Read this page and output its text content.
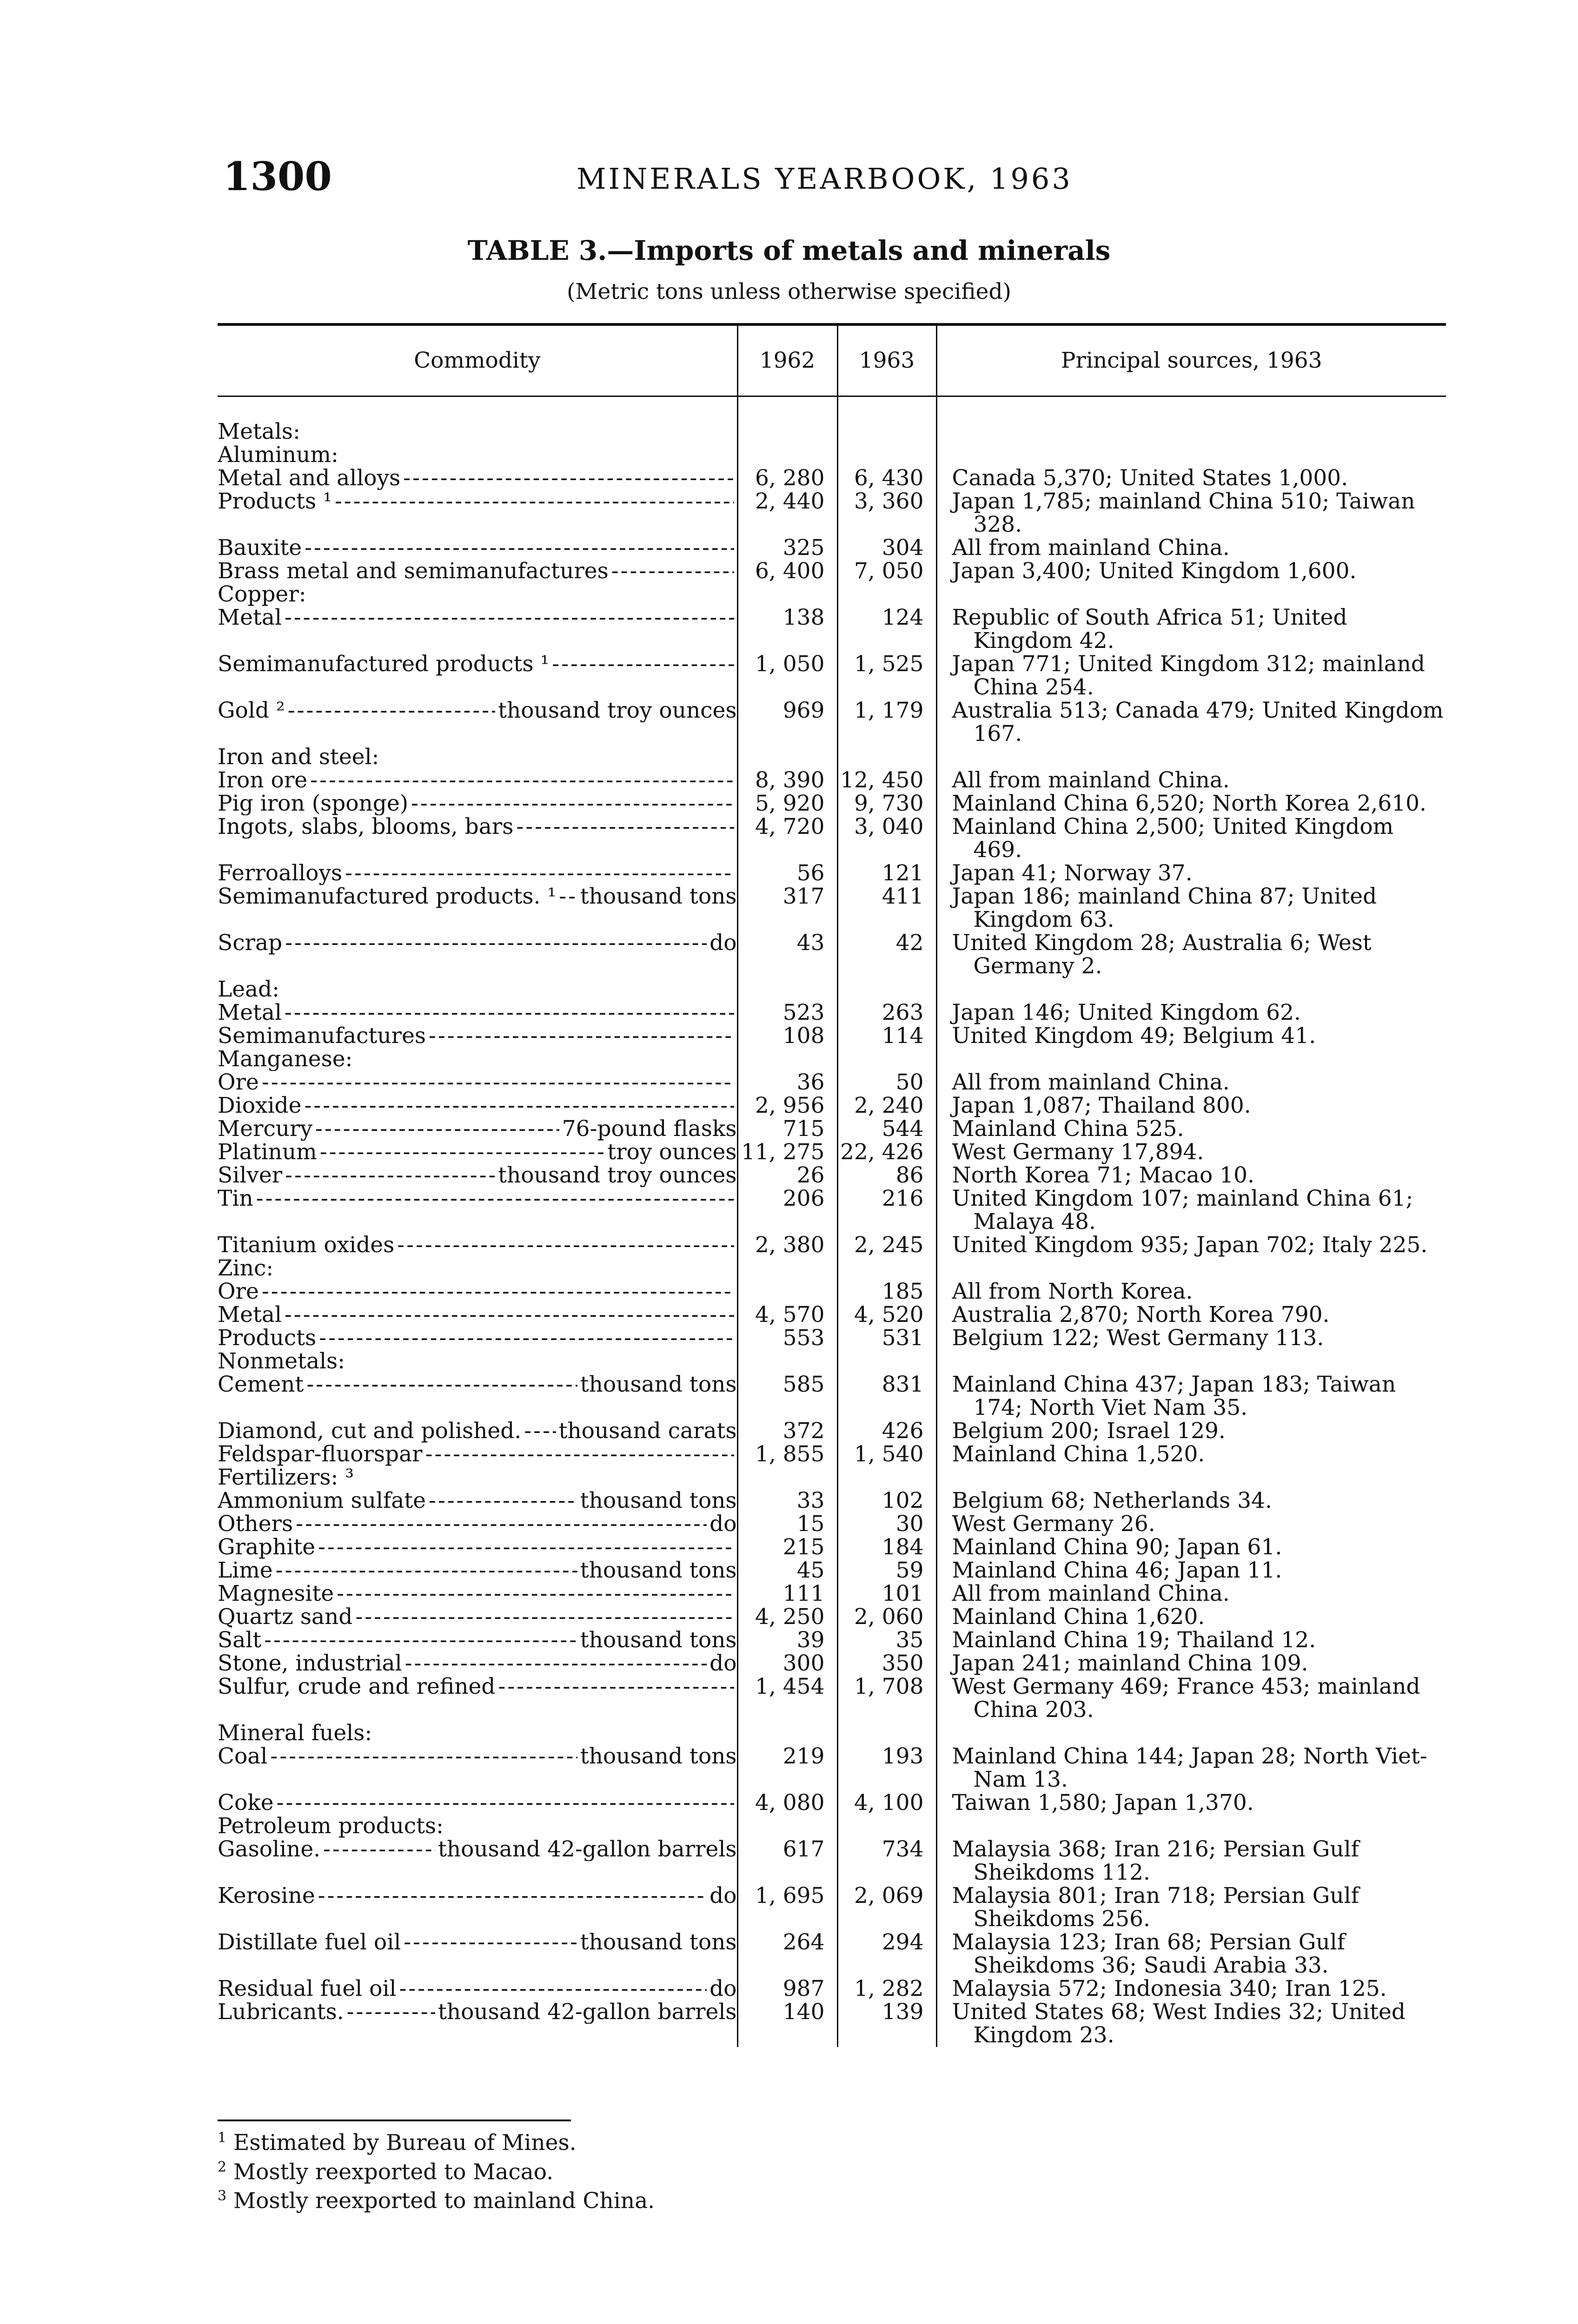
1300	MINERALS YEARBOOK, 1963
TABLE 3.—Imports of metals and minerals
(Metric tons unless otherwise specified)
Commodity	1962	1963	Principal sources, 1963

Metals:			

Aluminum:			

Metal and alloys
-----	6, 280	6, 430	Canada 5,370; United States 1,000.

Products ¹
-----	2, 440	3, 360	Japan 1,785; mainland China 510; Taiwan 328.

Bauxite
-----	325	304	All from mainland China.

Brass metal and semimanufactures
-----	6, 400	7, 050	Japan 3,400; United Kingdom 1,600.

Copper:			

Metal
-----	138	124	Republic of South Africa 51; United Kingdom 42.

Semimanufactured products ¹
-----	1, 050	1, 525	Japan 771; United Kingdom 312; mainland China 254.

Gold ² ----- thousand troy ounces	969	1, 179	Australia 513; Canada 479; United Kingdom 167.

Iron and steel:			

Iron ore
-----	8, 390	12, 450	All from mainland China.

Pig iron (sponge)
-----	5, 920	9, 730	Mainland China 6,520; North Korea 2,610.

Ingots, slabs, blooms, bars
-----	4, 720	3, 040	Mainland China 2,500; United Kingdom 469.

Ferroalloys
-----	56	121	Japan 41; Norway 37.

Semimanufactured products. ¹ ----- thousand tons	317	411	Japan 186; mainland China 87; United Kingdom 63.

Scrap ----- do	43	42	United Kingdom 28; Australia 6; West Germany 2.

Lead:			

Metal
-----	523	263	Japan 146; United Kingdom 62.

Semimanufactures
-----	108	114	United Kingdom 49; Belgium 41.

Manganese:			

Ore
-----	36	50	All from mainland China.

Dioxide
-----	2, 956	2, 240	Japan 1,087; Thailand 800.

Mercury ----- 76-pound flasks	715	544	Mainland China 525.

Platinum ----- troy ounces	11, 275	22, 426	West Germany 17,894.

Silver ----- thousand troy ounces	26	86	North Korea 71; Macao 10.

Tin
-----	206	216	United Kingdom 107; mainland China 61; Malaya 48.

Titanium oxides
-----	2, 380	2, 245	United Kingdom 935; Japan 702; Italy 225.

Zinc:			

Ore
-----		185	All from North Korea.

Metal
-----	4, 570	4, 520	Australia 2,870; North Korea 790.

Products
-----	553	531	Belgium 122; West Germany 113.

Nonmetals:			

Cement ----- thousand tons	585	831	Mainland China 437; Japan 183; Taiwan 174; North Viet Nam 35.

Diamond, cut and polished. ----- thousand carats	372	426	Belgium 200; Israel 129.

Feldspar-fluorspar
-----	1, 855	1, 540	Mainland China 1,520.

Fertilizers: ³			

Ammonium sulfate ----- thousand tons	33	102	Belgium 68; Netherlands 34.

Others ----- do	15	30	West Germany 26.

Graphite
-----	215	184	Mainland China 90; Japan 61.

Lime ----- thousand tons	45	59	Mainland China 46; Japan 11.

Magnesite
-----	111	101	All from mainland China.

Quartz sand
-----	4, 250	2, 060	Mainland China 1,620.

Salt ----- thousand tons	39	35	Mainland China 19; Thailand 12.

Stone, industrial ----- do	300	350	Japan 241; mainland China 109.

Sulfur, crude and refined
-----	1, 454	1, 708	West Germany 469; France 453; mainland China 203.

Mineral fuels:			

Coal ----- thousand tons	219	193	Mainland China 144; Japan 28; North Viet-Nam 13.

Coke
-----	4, 080	4, 100	Taiwan 1,580; Japan 1,370.

Petroleum products:			

Gasoline. ----- thousand 42-gallon barrels	617	734	Malaysia 368; Iran 216; Persian Gulf Sheikdoms 112.

Kerosine ----- do	1, 695	2, 069	Malaysia 801; Iran 718; Persian Gulf Sheikdoms 256.

Distillate fuel oil ----- thousand tons	264	294	Malaysia 123; Iran 68; Persian Gulf Sheikdoms 36; Saudi Arabia 33.

Residual fuel oil ----- do	987	1, 282	Malaysia 572; Indonesia 340; Iran 125.

Lubricants. ----- thousand 42-gallon barrels	140	139	United States 68; West Indies 32; United Kingdom 23.
$^1$ Estimated by Bureau of Mines.
$^2$ Mostly reexported to Macao.
$^3$ Mostly reexported to mainland China.
